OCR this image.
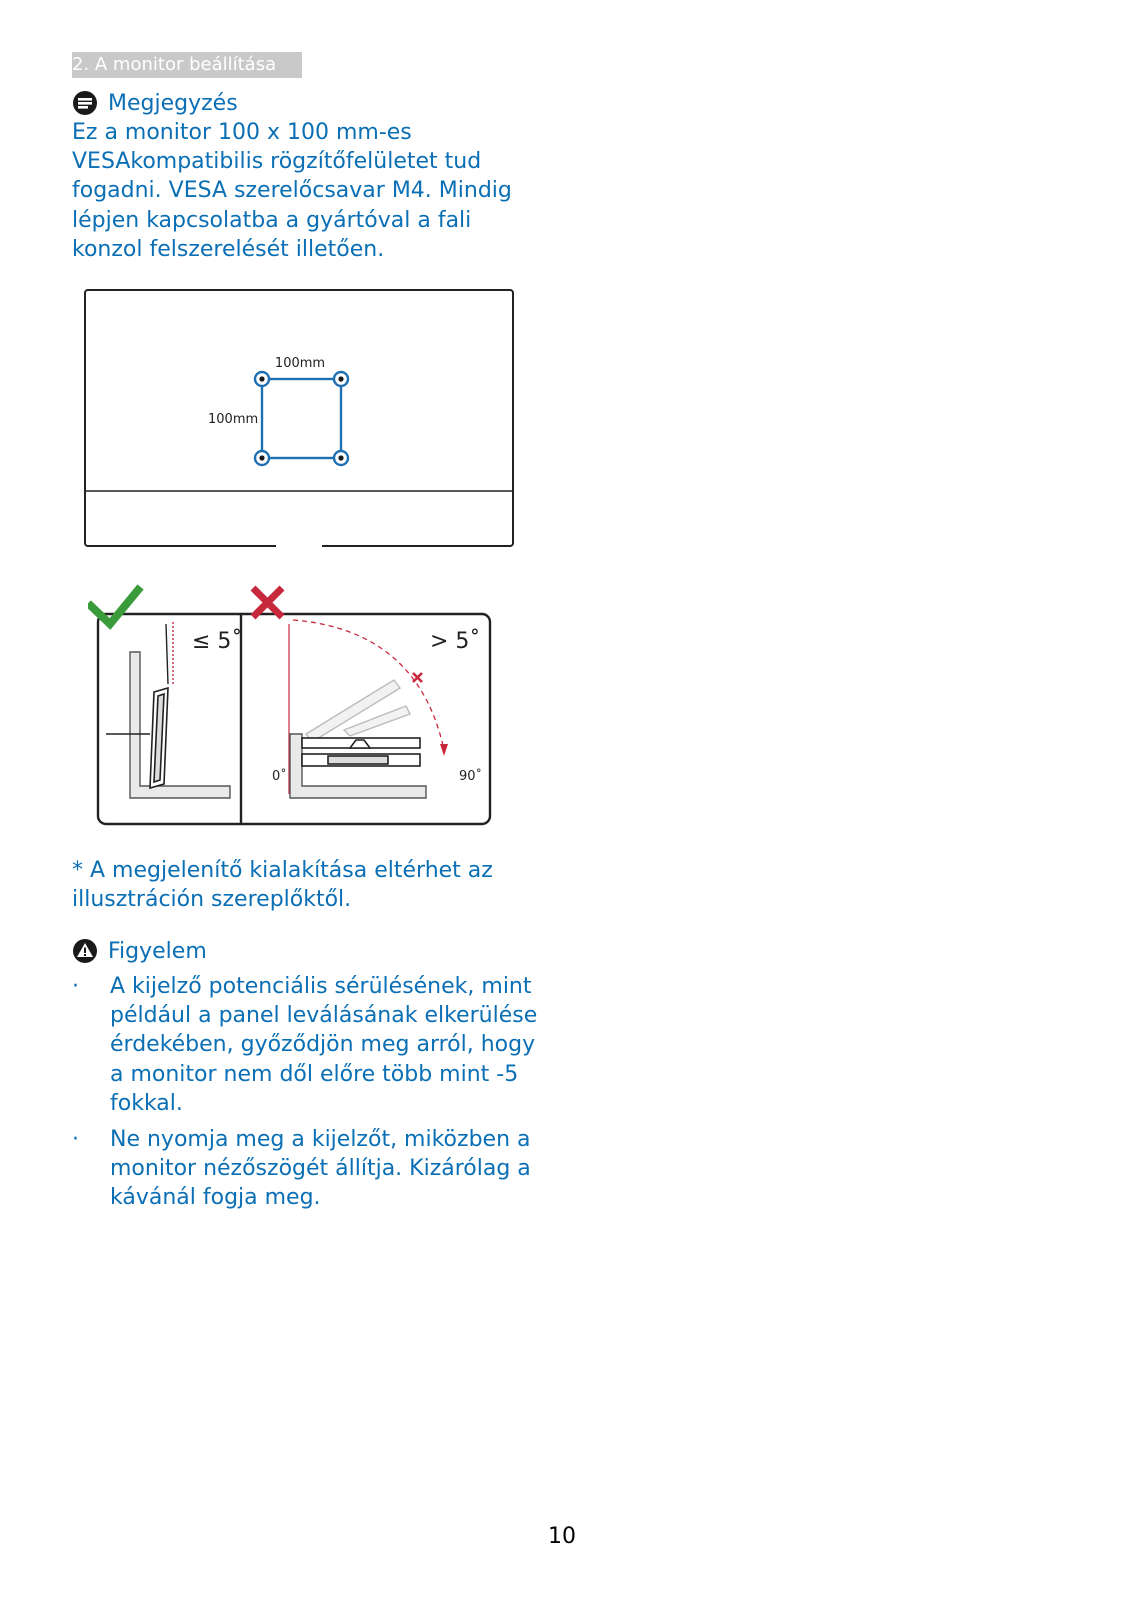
2. A monitor beállítása
Megjegyzés
Ez a monitor 100 x 100 mm-es VESAkompatibilis rögzítőfelületet tud fogadni. VESA szerelőcsavar M4. Mindig lépjen kapcsolatba a gyártóval a fali konzol felszerelését illetően.
100mm
100mm
≤ 5˚	> 5˚
0˚	90˚
* A megjelenítő kialakítása eltérhet az illusztráción szereplőktől.
Figyelem
·	A kijelző potenciális sérülésének, mint például a panel leválásának elkerülése érdekében, győződjön meg arról, hogy a monitor nem dől előre több mint -5 fokkal.
·	Ne nyomja meg a kijelzőt, miközben a monitor nézőszögét állítja. Kizárólag a kávánál fogja meg.
10
